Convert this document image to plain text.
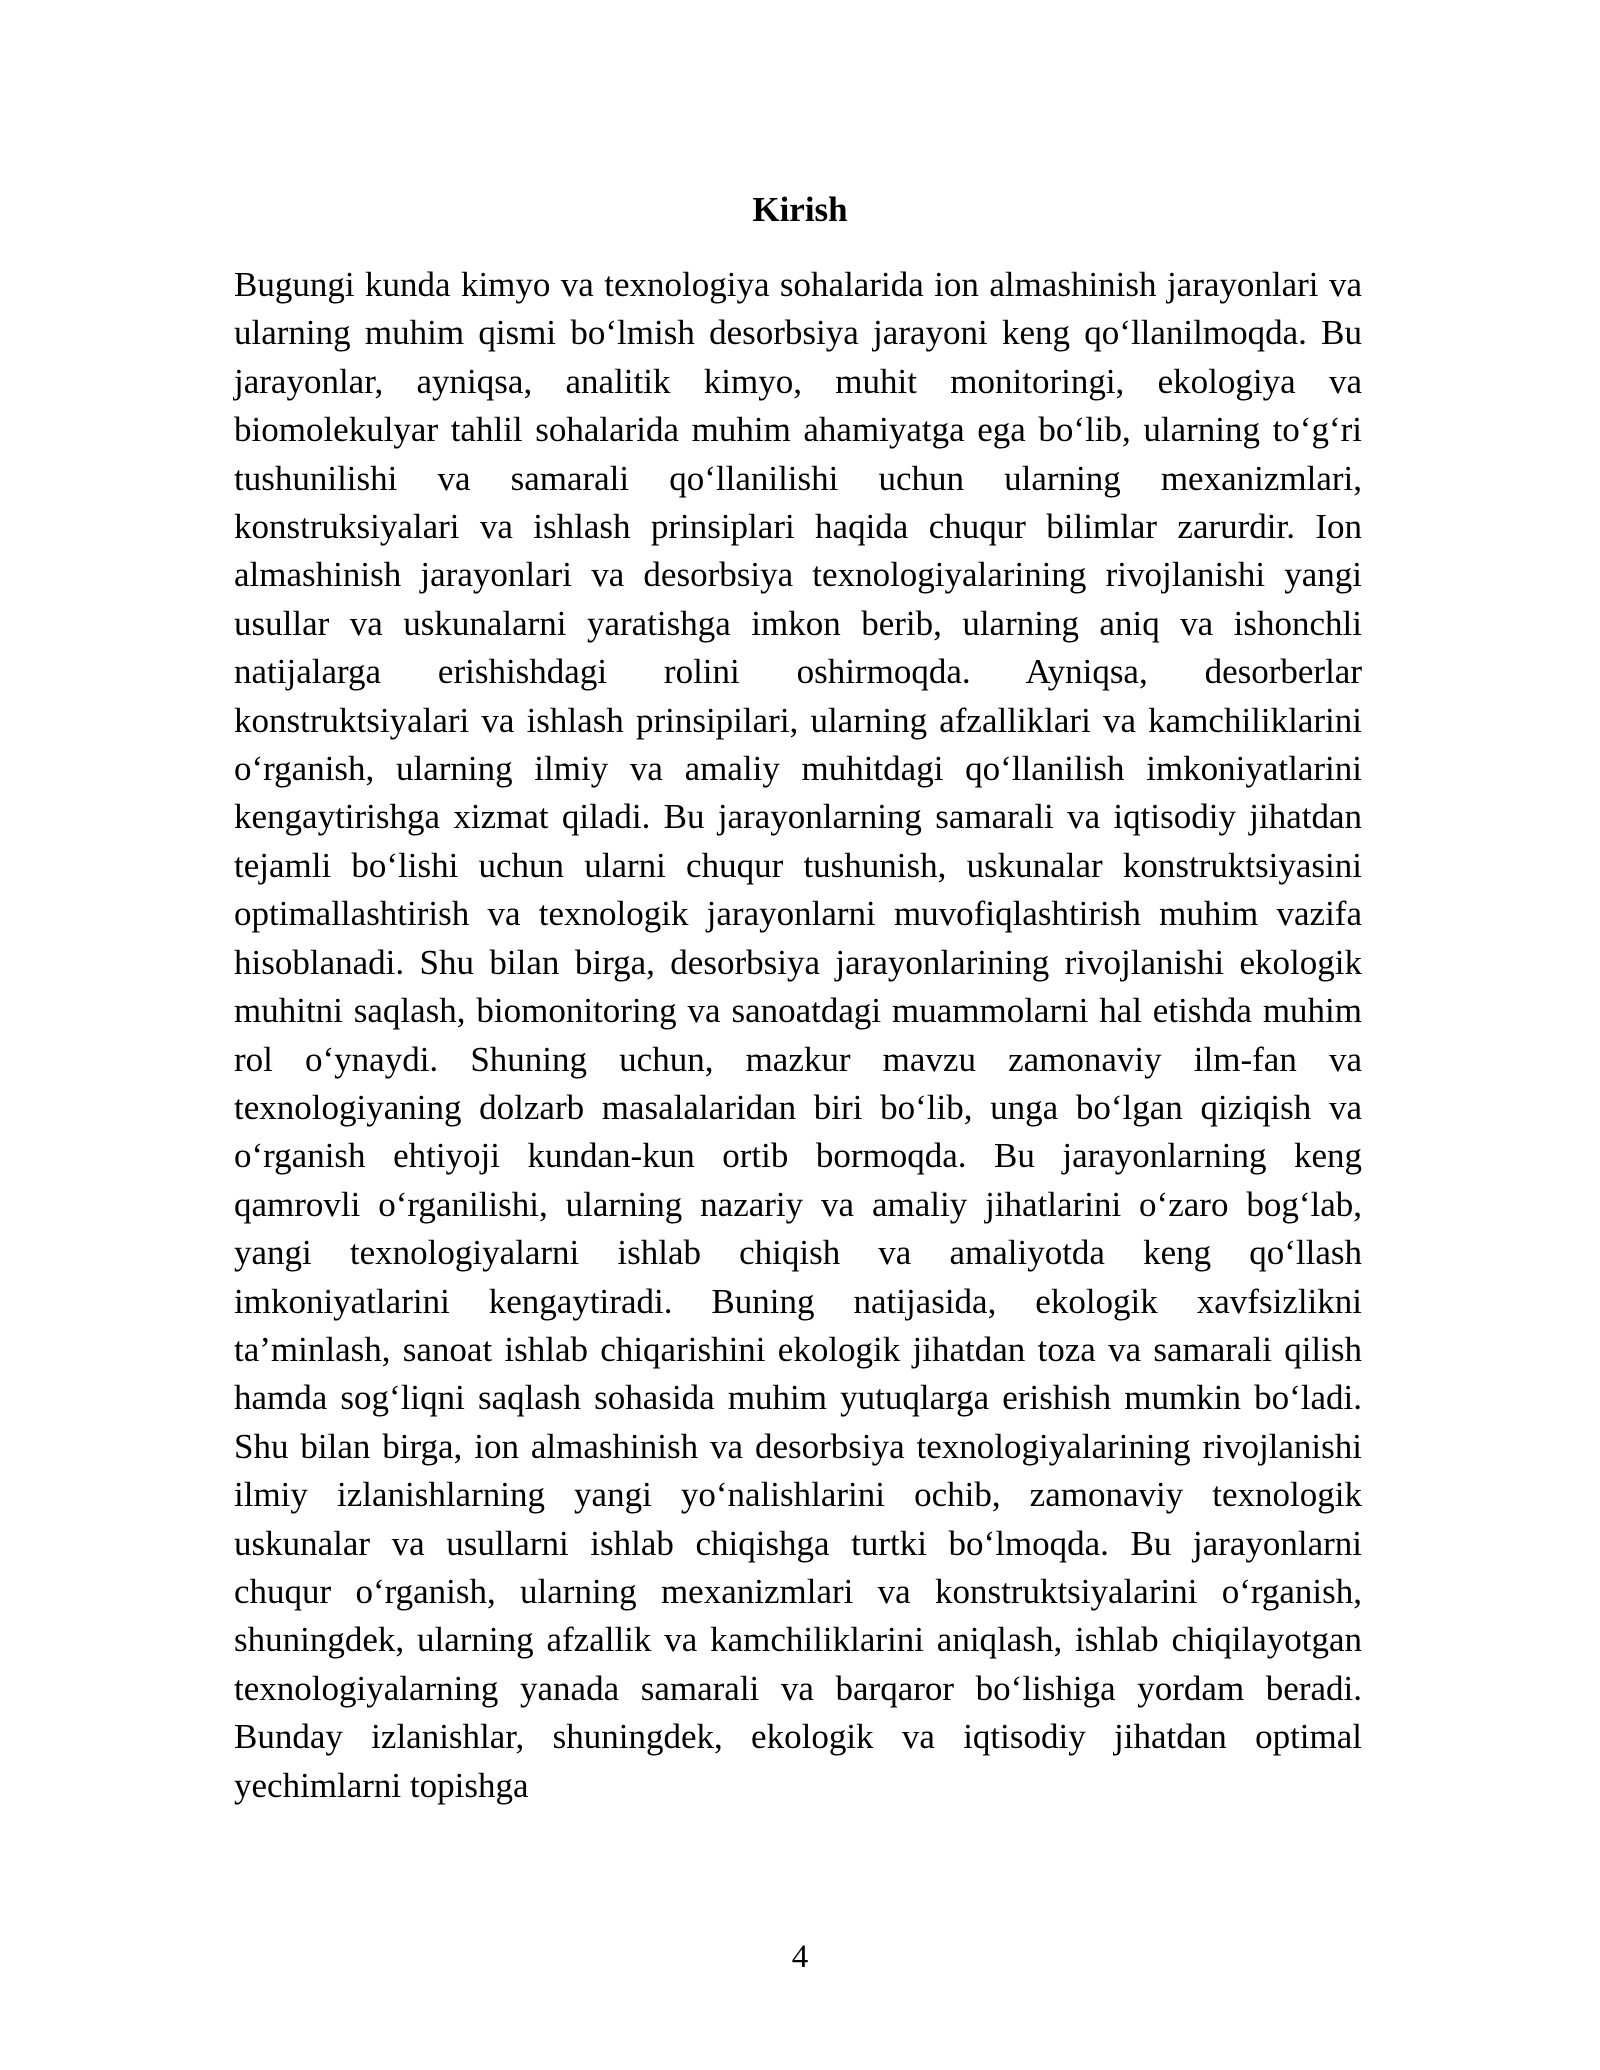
Kirish

Bugungi kunda kimyo va texnologiya sohalarida ion almashinish jarayonlari va ularning muhim qismi bo‘lmish desorbsiya jarayoni keng qo‘llanilmoqda. Bu jarayonlar, ayniqsa, analitik kimyo, muhit monitoringi, ekologiya va biomolekulyar tahlil sohalarida muhim ahamiyatga ega bo‘lib, ularning to‘g‘ri tushunilishi va samarali qo‘llanilishi uchun ularning mexanizmlari, konstruksiyalari va ishlash prinsiplari haqida chuqur bilimlar zarurdir. Ion almashinish jarayonlari va desorbsiya texnologiyalarining rivojlanishi yangi usullar va uskunalarni yaratishga imkon berib, ularning aniq va ishonchli natijalarga erishishdagi rolini oshirmoqda. Ayniqsa, desorberlar konstruktsiyalari va ishlash prinsipilari, ularning afzalliklari va kamchiliklarini o‘rganish, ularning ilmiy va amaliy muhitdagi qo‘llanilish imkoniyatlarini kengaytirishga xizmat qiladi. Bu jarayonlarning samarali va iqtisodiy jihatdan tejamli bo‘lishi uchun ularni chuqur tushunish, uskunalar konstruktsiyasini optimallashtirish va texnologik jarayonlarni muvofiqlashtirish muhim vazifa hisoblanadi. Shu bilan birga, desorbsiya jarayonlarining rivojlanishi ekologik muhitni saqlash, biomonitoring va sanoatdagi muammolarni hal etishda muhim rol o‘ynaydi. Shuning uchun, mazkur mavzu zamonaviy ilm-fan va texnologiyaning dolzarb masalalaridan biri bo‘lib, unga bo‘lgan qiziqish va o‘rganish ehtiyoji kundan-kun ortib bormoqda. Bu jarayonlarning keng qamrovli o‘rganilishi, ularning nazariy va amaliy jihatlarini o‘zaro bog‘lab, yangi texnologiyalarni ishlab chiqish va amaliyotda keng qo‘llash imkoniyatlarini kengaytiradi. Buning natijasida, ekologik xavfsizlikni ta’minlash, sanoat ishlab chiqarishini ekologik jihatdan toza va samarali qilish hamda sog‘liqni saqlash sohasida muhim yutuqlarga erishish mumkin bo‘ladi. Shu bilan birga, ion almashinish va desorbsiya texnologiyalarining rivojlanishi ilmiy izlanishlarning yangi yo‘nalishlarini ochib, zamonaviy texnologik uskunalar va usullarni ishlab chiqishga turtki bo‘lmoqda. Bu jarayonlarni chuqur o‘rganish, ularning mexanizmlari va konstruktsiyalarini o‘rganish, shuningdek, ularning afzallik va kamchiliklarini aniqlash, ishlab chiqilayotgan texnologiyalarning yanada samarali va barqaror bo‘lishiga yordam beradi. Bunday izlanishlar, shuningdek, ekologik va iqtisodiy jihatdan optimal yechimlarni topishga

4
